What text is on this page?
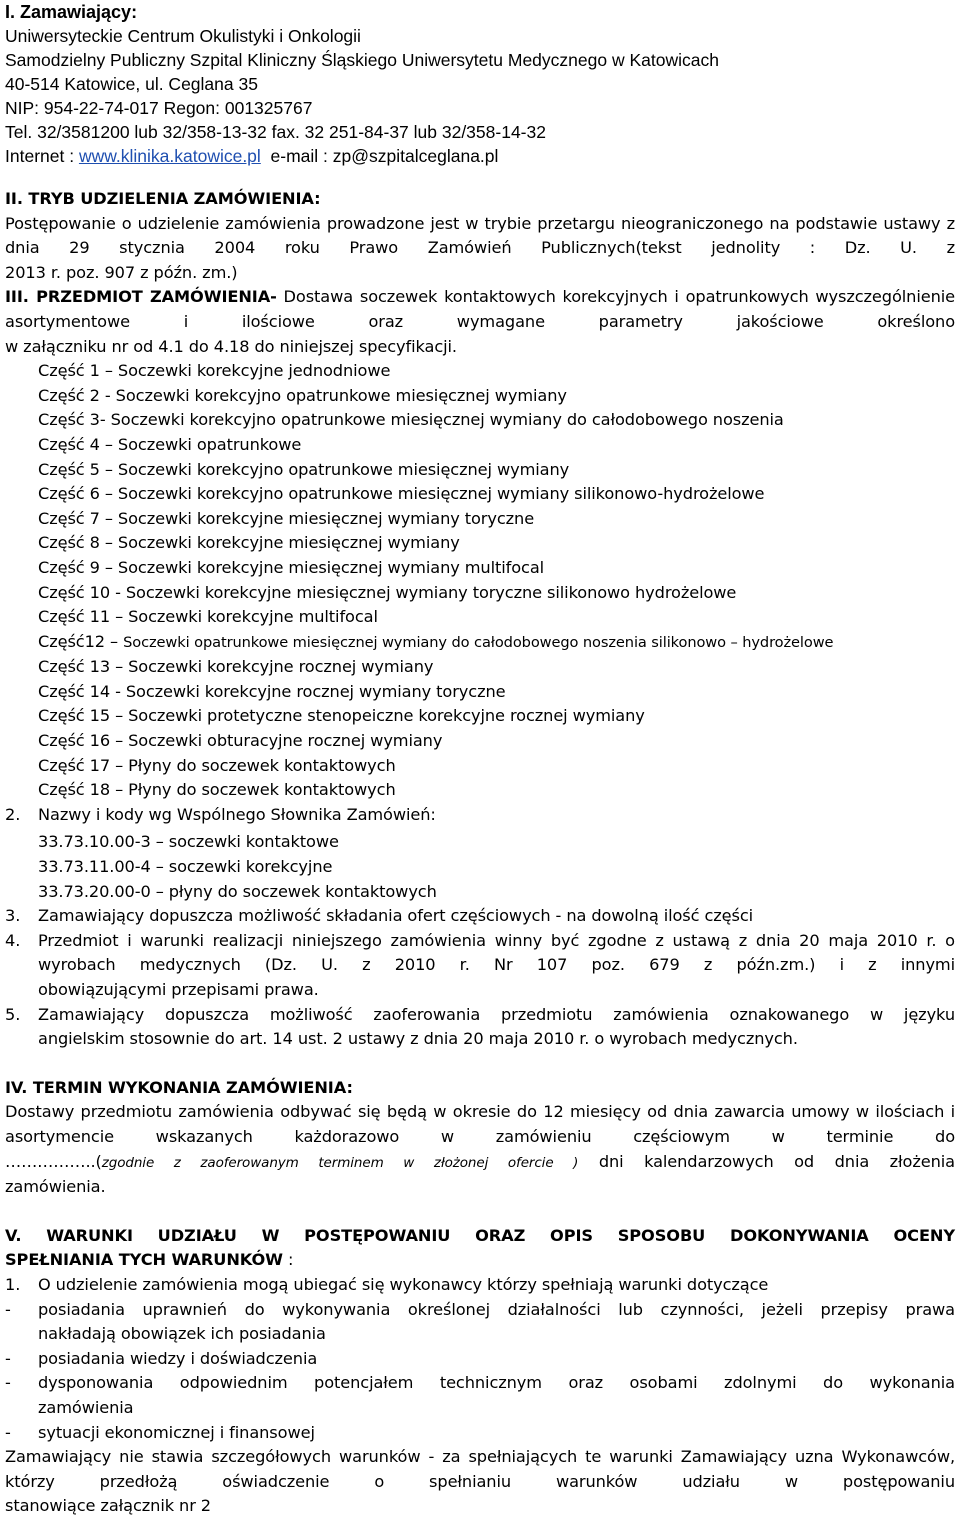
I. Zamawiający:
Uniwersyteckie Centrum Okulistyki i Onkologii
Samodzielny Publiczny Szpital Kliniczny Śląskiego Uniwersytetu Medycznego w Katowicach
40-514 Katowice, ul. Ceglana 35
NIP: 954-22-74-017 Regon: 001325767
Tel. 32/3581200 lub 32/358-13-32 fax. 32 251-84-37 lub 32/358-14-32
Internet : www.klinika.katowice.pl  e-mail : zp@szpitalceglana.pl
II. TRYB UDZIELENIA ZAMÓWIENIA:

Postępowanie o udzielenie zamówienia prowadzone jest w trybie przetargu nieograniczonego na podstawie ustawy z dnia 29 stycznia 2004 roku Prawo Zamówień Publicznych(tekst jednolity : Dz. U. z

2013 r. poz. 907 z późn. zm.)

III. PRZEDMIOT ZAMÓWIENIA- Dostawa soczewek kontaktowych korekcyjnych i opatrunkowych wyszczególnienie asortymentowe i ilościowe oraz wymagane parametry jakościowe określono

w załączniku nr od 4.1 do 4.18 do niniejszej specyfikacji.

Część 1 – Soczewki korekcyjne jednodniowe
Część 2 - Soczewki korekcyjno opatrunkowe miesięcznej wymiany
Część 3- Soczewki korekcyjno opatrunkowe miesięcznej wymiany do całodobowego noszenia
Część 4 – Soczewki opatrunkowe
Część 5 – Soczewki korekcyjno opatrunkowe miesięcznej wymiany
Część 6 – Soczewki korekcyjno opatrunkowe miesięcznej wymiany silikonowo-hydrożelowe
Część 7 – Soczewki korekcyjne miesięcznej wymiany toryczne
Część 8 – Soczewki korekcyjne miesięcznej wymiany
Część 9 – Soczewki korekcyjne miesięcznej wymiany multifocal
Część 10 - Soczewki korekcyjne miesięcznej wymiany toryczne silikonowo hydrożelowe
Część 11 – Soczewki korekcyjne multifocal
Część12 – Soczewki opatrunkowe miesięcznej wymiany do całodobowego noszenia silikonowo – hydrożelowe
Część 13 – Soczewki korekcyjne rocznej wymiany
Część 14 - Soczewki korekcyjne rocznej wymiany toryczne
Część 15 – Soczewki protetyczne stenopeiczne korekcyjne rocznej wymiany
Część 16 – Soczewki obturacyjne rocznej wymiany
Część 17 – Płyny do soczewek kontaktowych
Część 18 – Płyny do soczewek kontaktowych
2.	Nazwy i kody wg Wspólnego Słownika Zamówień:
33.73.10.00-3 – soczewki kontaktowe
33.73.11.00-4 – soczewki korekcyjne
33.73.20.00-0 – płyny do soczewek kontaktowych
3.	Zamawiający dopuszcza możliwość składania ofert częściowych - na dowolną ilość części
4.	Przedmiot i warunki realizacji niniejszego zamówienia winny być zgodne z ustawą z dnia 20 maja 2010 r. o wyrobach medycznych (Dz. U. z 2010 r. Nr 107 poz. 679 z późn.zm.) i z innymi

obowiązującymi przepisami prawa.

5.	Zamawiający dopuszcza możliwość zaoferowania przedmiotu zamówienia oznakowanego w języku

angielskim stosownie do art. 14 ust. 2 ustawy z dnia 20 maja 2010 r. o wyrobach medycznych.

IV. TERMIN WYKONANIA ZAMÓWIENIA:

Dostawy przedmiotu zamówienia odbywać się będą w okresie do 12 miesięcy od dnia zawarcia umowy w ilościach i asortymencie wskazanych każdorazowo w zamówieniu częściowym w terminie do

……………..(zgodnie z zaoferowanym terminem w złożonej ofercie ) dni kalendarzowych od dnia złożenia

zamówienia.

V. WARUNKI UDZIAŁU W POSTĘPOWANIU ORAZ OPIS SPOSOBU DOKONYWANIA OCENY

SPEŁNIANIA TYCH WARUNKÓW :

1.	O udzielenie zamówienia mogą ubiegać się wykonawcy którzy spełniają warunki dotyczące
-	posiadania uprawnień do wykonywania określonej działalności lub czynności, jeżeli przepisy prawa

nakładają obowiązek ich posiadania

-	posiadania wiedzy i doświadczenia
-	dysponowania odpowiednim potencjałem technicznym oraz osobami zdolnymi do wykonania

zamówienia

-	sytuacji ekonomicznej i finansowej

Zamawiający nie stawia szczegółowych warunków - za spełniających te warunki Zamawiający uzna Wykonawców, którzy przedłożą oświadczenie o spełnianiu warunków udziału w postępowaniu

stanowiące załącznik nr 2
